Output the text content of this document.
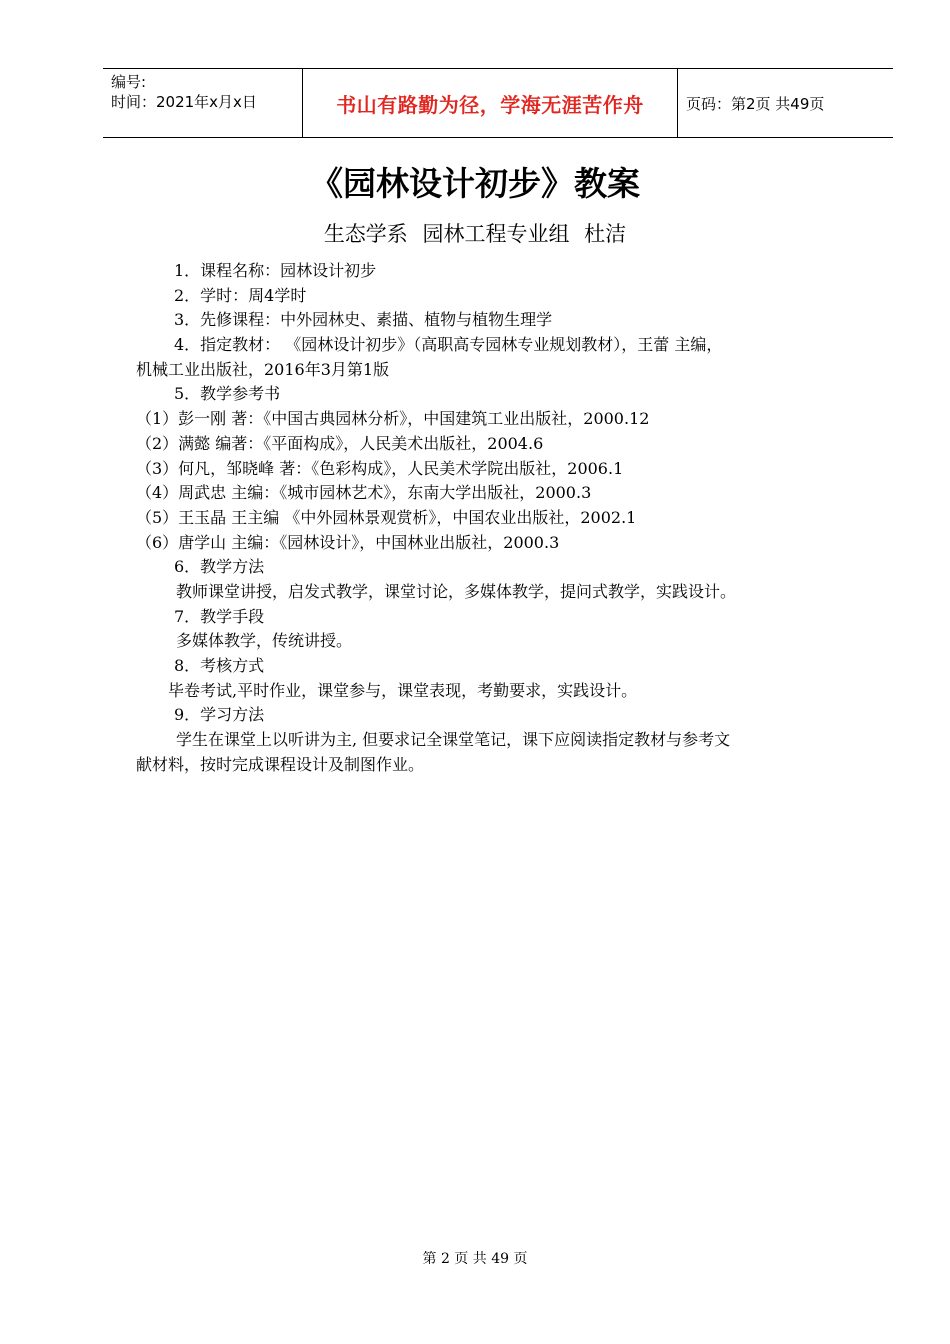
编号:
时间：2021年x月x日	书山有路勤为径，学海无涯苦作舟	页码：第2页 共49页
《园林设计初步》教案
生态学系 园林工程专业组 杜洁
1．课程名称：园林设计初步
2．学时：周4学时
3．先修课程：中外园林史、素描、植物与植物生理学
4．指定教材： 《园林设计初步》（高职高专园林专业规划教材），王蕾 主编，
机械工业出版社，2016年3月第1版
5．教学参考书
（1）彭一刚 著：《中国古典园林分析》，中国建筑工业出版社，2000.12
（2）满懿 编著：《平面构成》，人民美术出版社，2004.6
（3）何凡，邹晓峰 著：《色彩构成》，人民美术学院出版社，2006.1
（4）周武忠 主编：《城市园林艺术》，东南大学出版社，2000.3
（5）王玉晶 王主编 《中外园林景观赏析》，中国农业出版社，2002.1
（6）唐学山 主编：《园林设计》，中国林业出版社，2000.3
6．教学方法
教师课堂讲授，启发式教学，课堂讨论，多媒体教学，提问式教学，实践设计。
7．教学手段
多媒体教学，传统讲授。
8．考核方式
毕卷考试,平时作业，课堂参与，课堂表现，考勤要求，实践设计。
9．学习方法
学生在课堂上以听讲为主, 但要求记全课堂笔记，课下应阅读指定教材与参考文
献材料，按时完成课程设计及制图作业。
第 2 页 共 49 页
